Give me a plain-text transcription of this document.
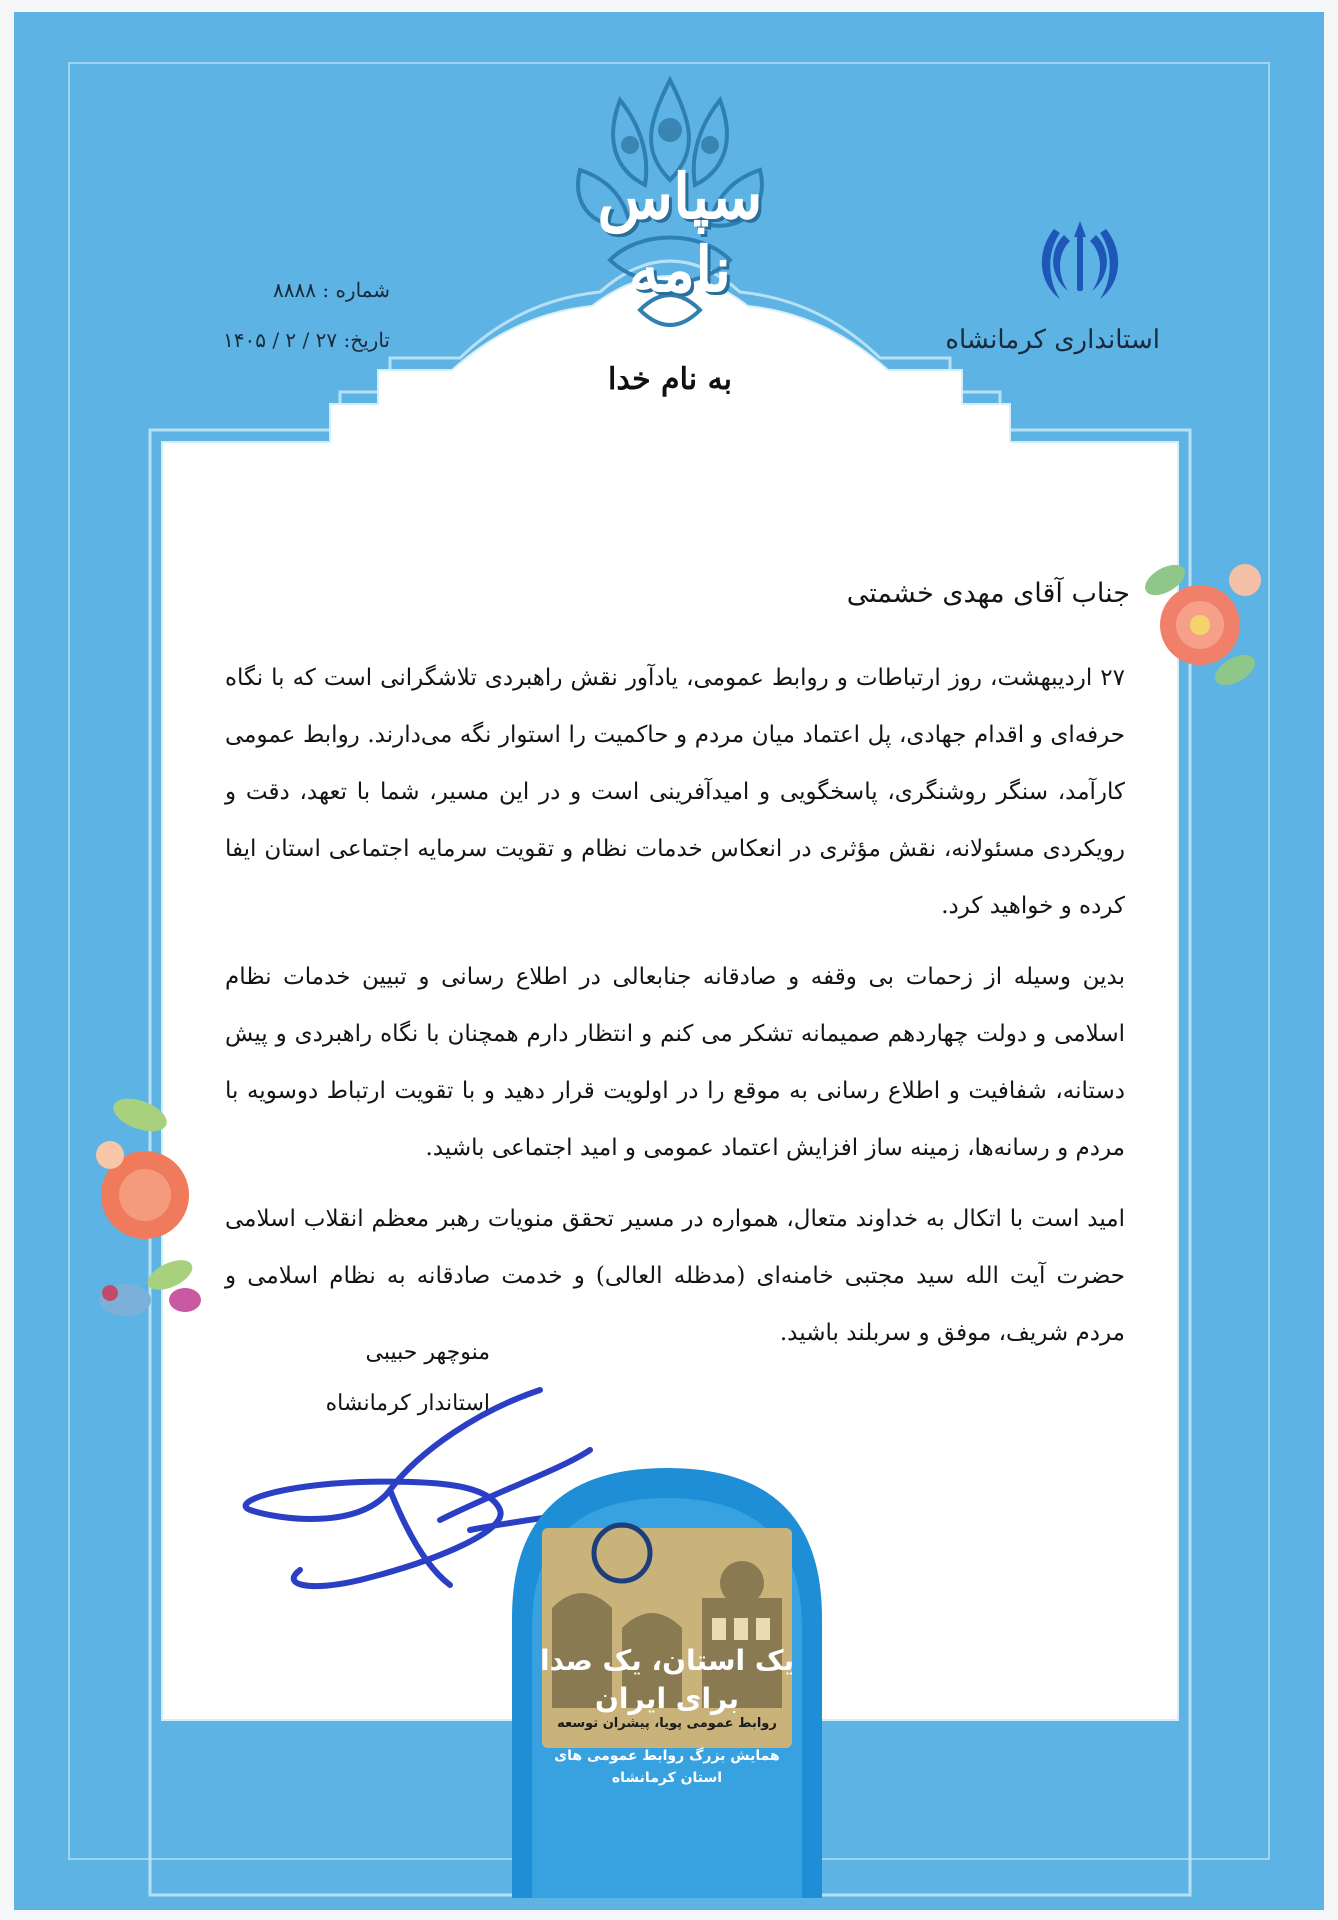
سپاس نامه
استانداری کرمانشاه
شماره : ۸۸۸۸
تاریخ: ۲۷ / ۲ / ۱۴۰۵
به نام خدا
جناب آقای مهدی خشمتی

۲۷ اردیبهشت، روز ارتباطات و روابط عمومی، یادآور نقش راهبردی تلاشگرانی است که با نگاه حرفه‌ای و اقدام جهادی، پل اعتماد میان مردم و حاکمیت را استوار نگه می‌دارند. روابط عمومی کارآمد، سنگر روشنگری، پاسخگویی و امیدآفرینی است و در این مسیر، شما با تعهد، دقت و رویکردی مسئولانه، نقش مؤثری در انعکاس خدمات نظام و تقویت سرمایه اجتماعی استان ایفا کرده و خواهید کرد.

بدین وسیله از زحمات بی وقفه و صادقانه جنابعالی در اطلاع رسانی و تبیین خدمات نظام اسلامی و دولت چهاردهم صمیمانه تشکر می کنم و انتظار دارم همچنان با نگاه راهبردی و پیش دستانه، شفافیت و اطلاع رسانی به موقع را در اولویت قرار دهید و با تقویت ارتباط دوسویه با مردم و رسانه‌ها، زمینه ساز افزایش اعتماد عمومی و امید اجتماعی باشید.

امید است با اتکال به خداوند متعال، همواره در مسیر تحقق منویات رهبر معظم انقلاب اسلامی حضرت آیت الله سید مجتبی خامنه‌ای (مدظله العالی) و خدمت صادقانه به نظام اسلامی و مردم شریف، موفق و سربلند باشید.

منوچهر حبیبی
استاندار کرمانشاه
یک استان، یک صدا
برای ایران
روابط عمومی پویا، پیشران توسعه
همایش بزرگ روابط عمومی های
استان کرمانشاه
